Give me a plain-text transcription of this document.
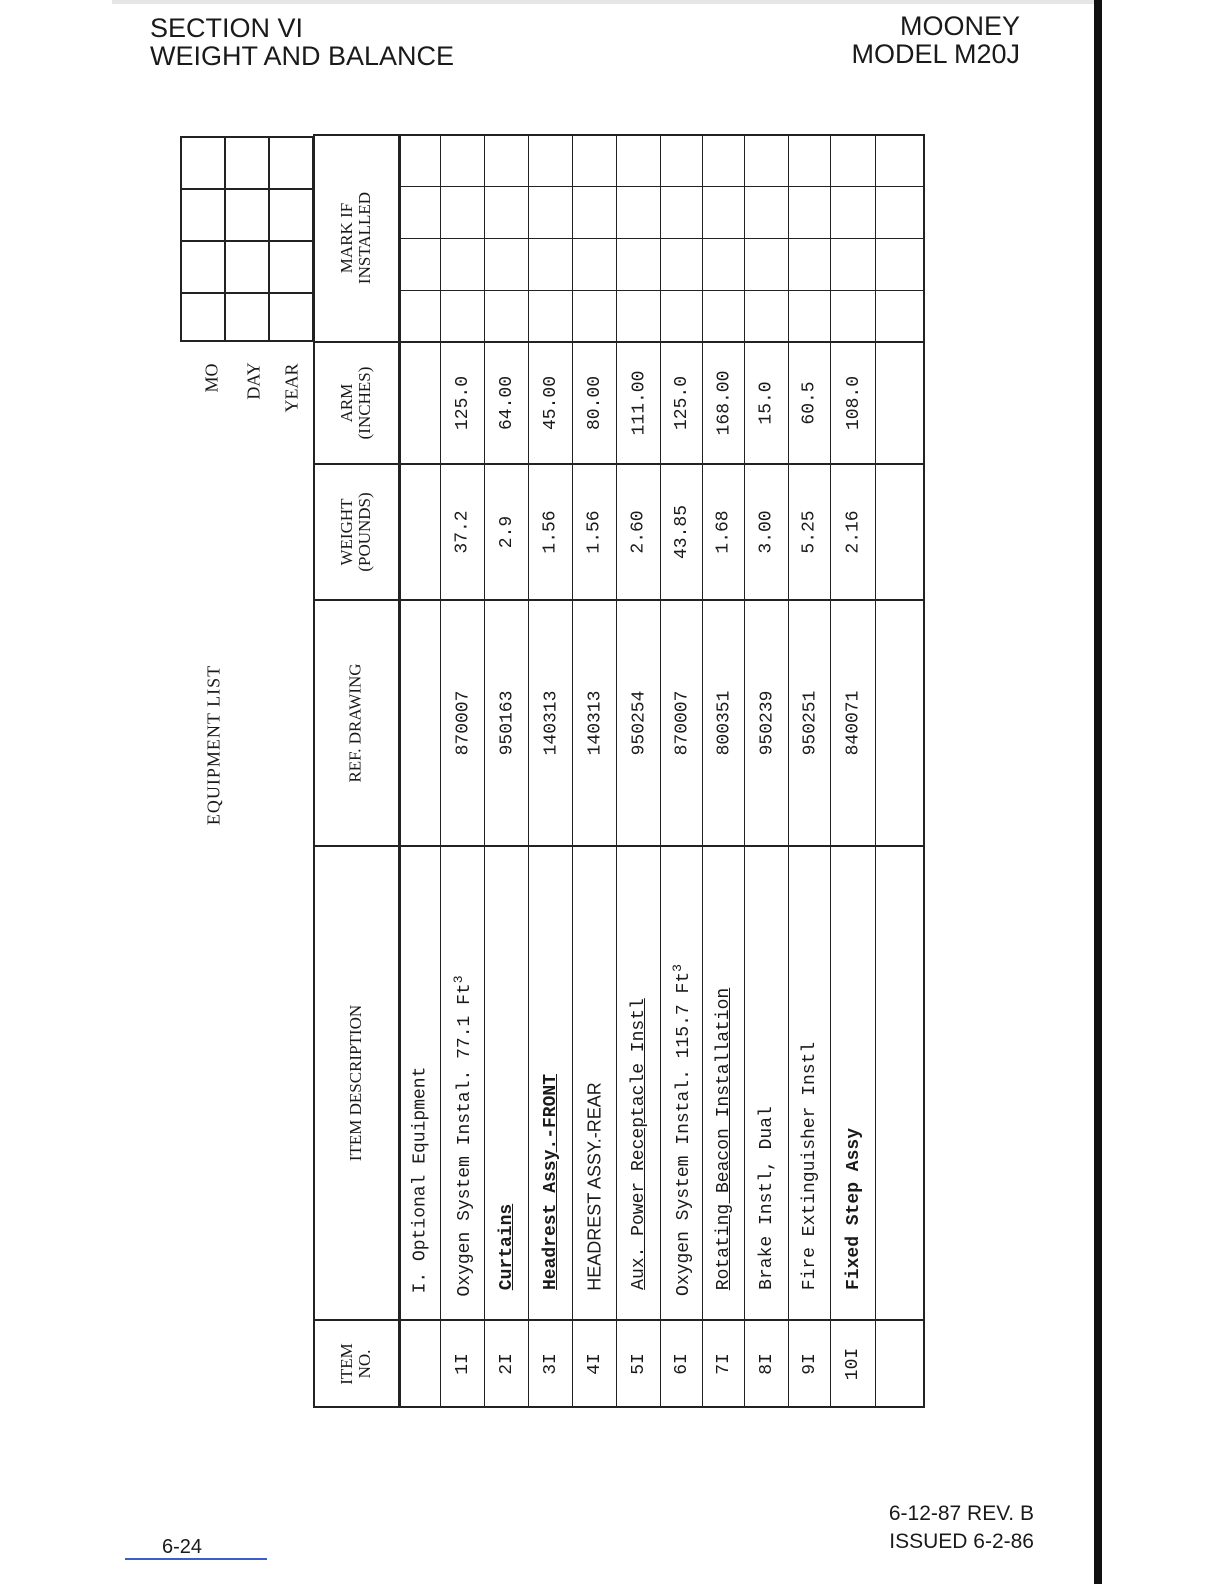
SECTION VI
WEIGHT AND BALANCE
MOONEY
MODEL M20J
EQUIPMENT LIST
MO DAY YEAR
ITEM NO.
ITEM DESCRIPTION
REF. DRAWING
WEIGHT (POUNDS)
ARM (INCHES)
MARK IF INSTALLED
I. Optional Equipment
1I
Oxygen System Instal. 77.1 Ft$^3$
870007
37.2
125.0
2I
Curtains
950163
2.9
64.00
3I
Headrest Assy.-FRONT
140313
1.56
45.00
4I
HEADREST ASSY.-REAR
140313
1.56
80.00
5I
Aux. Power Receptacle Instl
950254
2.60
111.00
6I
Oxygen System Instal. 115.7 Ft$^3$
870007
43.85
125.0
7I
Rotating Beacon Installation
800351
1.68
168.00
8I
Brake Instl, Dual
950239
3.00
15.0
9I
Fire Extinguisher Instl
950251
5.25
60.5
10I
Fixed Step Assy
840071
2.16
108.0
6-24
6-12-87 REV. B
ISSUED 6-2-86
